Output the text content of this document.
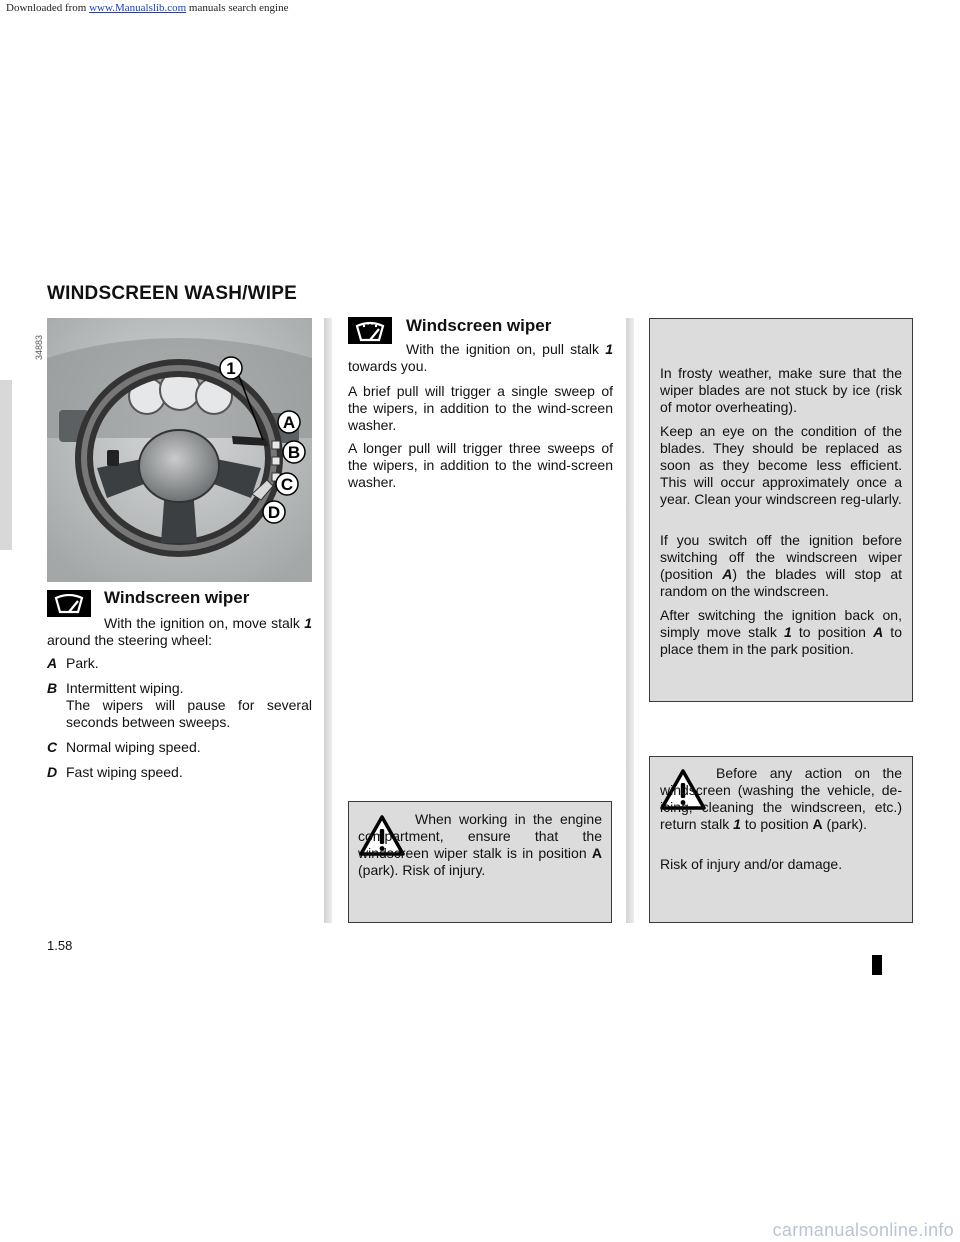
Downloaded from www.Manualslib.com manuals search engine
WINDSCREEN WASH/WIPE
34883
1
A
B
C
D
Windscreen wiper
With the ignition on, move stalk 1 around the steering wheel:
A Park.
B Intermittent wiping.
The wipers will pause for several seconds between sweeps.
C Normal wiping speed.
D Fast wiping speed.
Windscreen wiper
With the ignition on, pull stalk 1 towards you.
A brief pull will trigger a single sweep of the wipers, in addition to the wind-screen washer.
A longer pull will trigger three sweeps of the wipers, in addition to the wind-screen washer.
When working in the engine compartment, ensure that the windscreen wiper stalk is in position A (park). Risk of injury.
In frosty weather, make sure that the wiper blades are not stuck by ice (risk of motor overheating).
Keep an eye on the condition of the blades. They should be replaced as soon as they become less efficient. This will occur approximately once a year. Clean your windscreen reg-ularly.
If you switch off the ignition before switching off the windscreen wiper (position A) the blades will stop at random on the windscreen.
After switching the ignition back on, simply move stalk 1 to position A to place them in the park position.
Before any action on the windscreen (washing the vehicle, de-icing, cleaning the windscreen, etc.) return stalk 1 to position A (park).
Risk of injury and/or damage.
1.58
carmanualsonline.info
